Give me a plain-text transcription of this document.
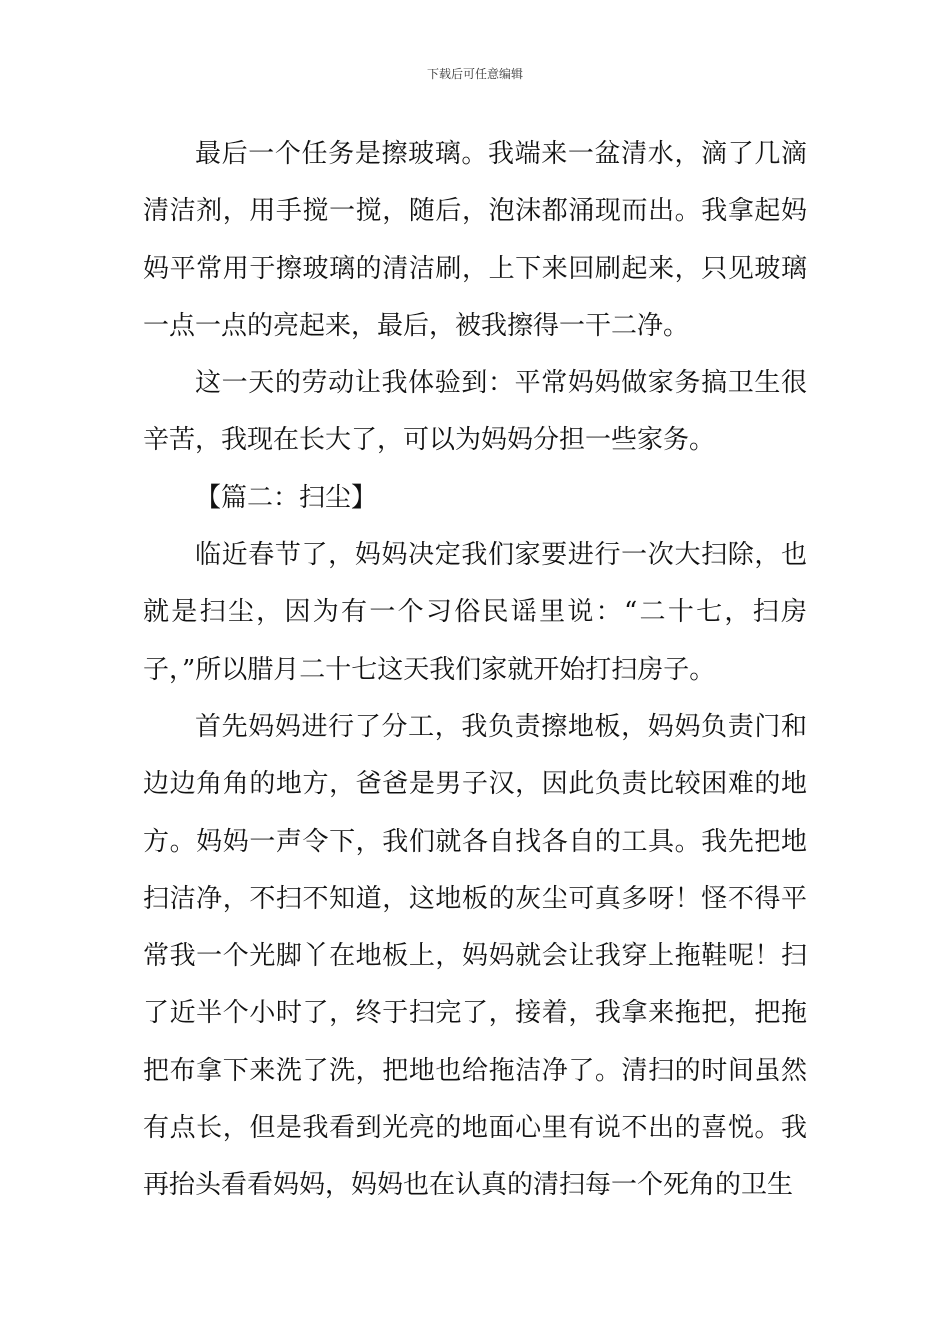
下载后可任意编辑

最后一个任务是擦玻璃。我端来一盆清水，滴了几滴清洁剂，用手搅一搅，随后，泡沫都涌现而出。我拿起妈妈平常用于擦玻璃的清洁刷，上下来回刷起来，只见玻璃一点一点的亮起来，最后，被我擦得一干二净。

这一天的劳动让我体验到：平常妈妈做家务搞卫生很辛苦，我现在长大了，可以为妈妈分担一些家务。

【篇二：扫尘】

临近春节了，妈妈决定我们家要进行一次大扫除，也就是扫尘，因为有一个习俗民谣里说：“二十七，扫房子，”所以腊月二十七这天我们家就开始打扫房子。

首先妈妈进行了分工，我负责擦地板，妈妈负责门和边边角角的地方，爸爸是男子汉，因此负责比较困难的地方。妈妈一声令下，我们就各自找各自的工具。我先把地扫洁净，不扫不知道，这地板的灰尘可真多呀！怪不得平常我一个光脚丫在地板上，妈妈就会让我穿上拖鞋呢！扫了近半个小时了，终于扫完了，接着，我拿来拖把，把拖把布拿下来洗了洗，把地也给拖洁净了。清扫的时间虽然有点长，但是我看到光亮的地面心里有说不出的喜悦。我再抬头看看妈妈，妈妈也在认真的清扫每一个死角的卫生
